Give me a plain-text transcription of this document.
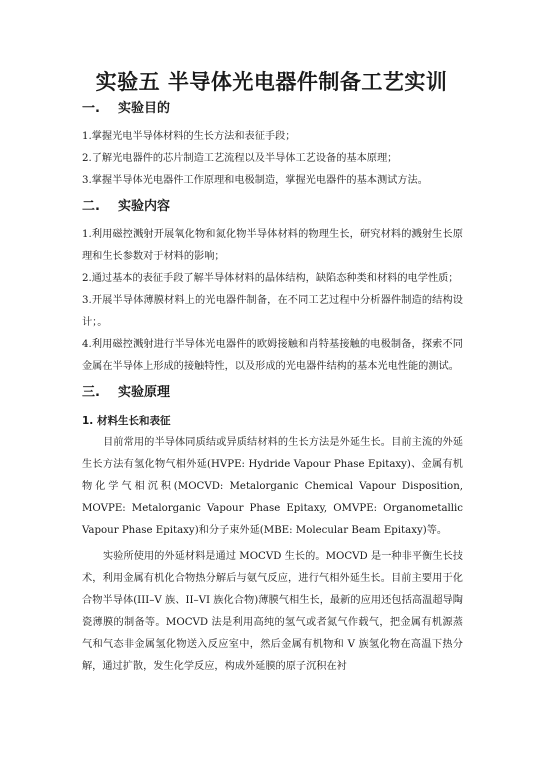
实验五 半导体光电器件制备工艺实训
一. 实验目的

1.掌握光电半导体材料的生长方法和表征手段；

2.了解光电器件的芯片制造工艺流程以及半导体工艺设备的基本原理；

3.掌握半导体光电器件工作原理和电极制造，掌握光电器件的基本测试方法。

二. 实验内容

1.利用磁控溅射开展氧化物和氮化物半导体材料的物理生长，研究材料的溅射生长原理和生长参数对于材料的影响；

2.通过基本的表征手段了解半导体材料的晶体结构，缺陷态种类和材料的电学性质；

3.开展半导体薄膜材料上的光电器件制备，在不同工艺过程中分析器件制造的结构设计；。

4.利用磁控溅射进行半导体光电器件的欧姆接触和肖特基接触的电极制备，探索不同金属在半导体上形成的接触特性，以及形成的光电器件结构的基本光电性能的测试。

三. 实验原理
1. 材料生长和表征

目前常用的半导体同质结或异质结材料的生长方法是外延生长。目前主流的外延生长方法有氢化物气相外延(HVPE: Hydride Vapour Phase Epitaxy)、金属有机物化学气相沉积(MOCVD: Metalorganic Chemical Vapour Disposition, MOVPE: Metalorganic Vapour Phase Epitaxy, OMVPE: Organometallic Vapour Phase Epitaxy)和分子束外延(MBE: Molecular Beam Epitaxy)等。

实验所使用的外延材料是通过 MOCVD 生长的。MOCVD 是一种非平衡生长技术，利用金属有机化合物热分解后与氨气反应，进行气相外延生长。目前主要用于化合物半导体(III–V 族、II–VI 族化合物)薄膜气相生长，最新的应用还包括高温超导陶瓷薄膜的制备等。MOCVD 法是利用高纯的氢气或者氮气作载气，把金属有机源蒸气和气态非金属氢化物送入反应室中，然后金属有机物和 V 族氢化物在高温下热分解，通过扩散，发生化学反应，构成外延膜的原子沉积在衬
